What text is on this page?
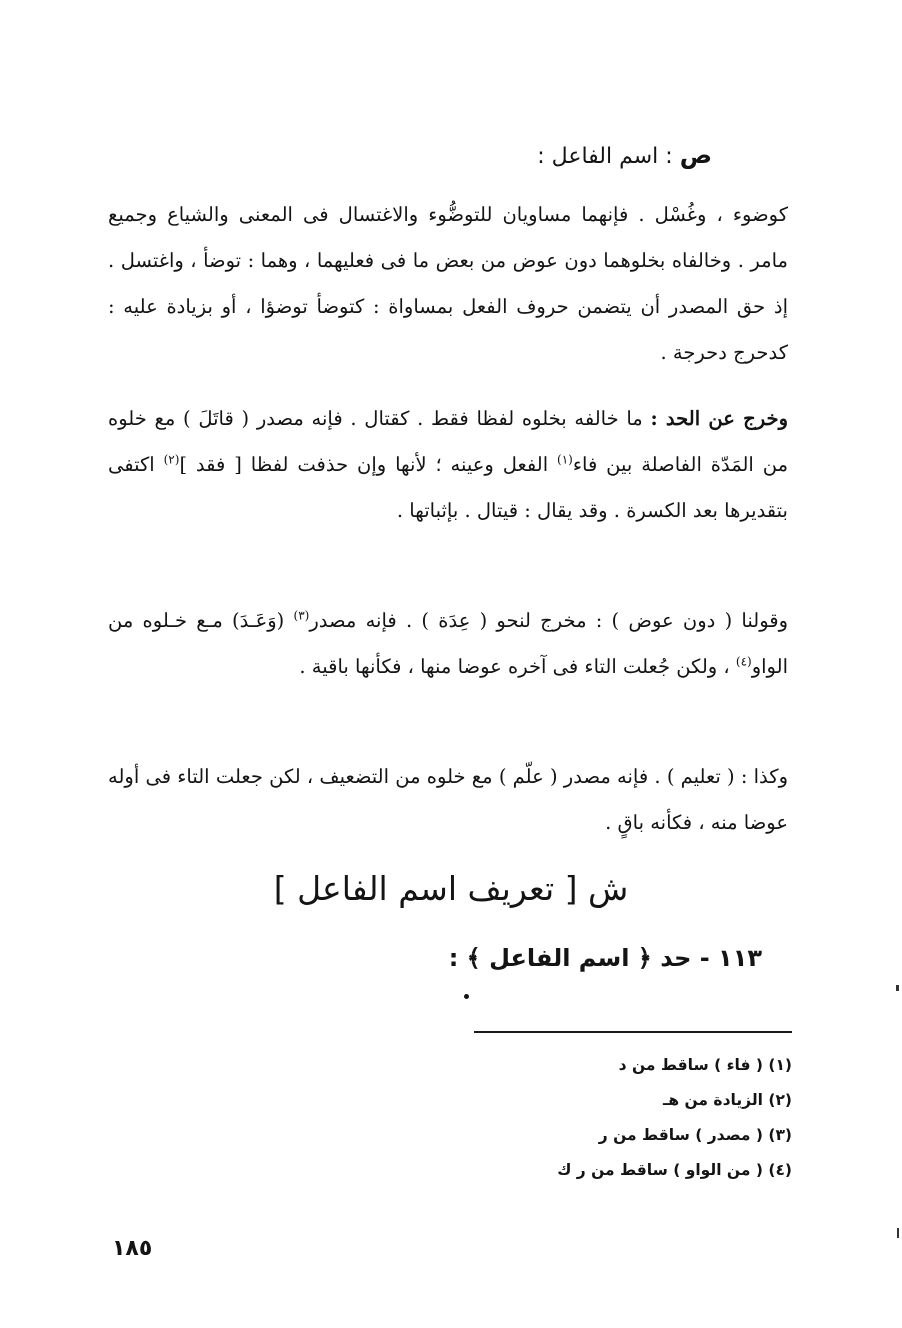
ص : اسم الفاعل :
كوضوء ، وغُسْل . فإنهما مساويان للتوضُّوء والاغتسال فى المعنى والشياع وجميع مامر . وخالفاه بخلوهما دون عوض من بعض ما فى فعليهما ، وهما : توضأ ، واغتسل . إذ حق المصدر أن يتضمن حروف الفعل بمساواة : كتوضأ توضؤا ، أو بزيادة عليه : كدحرج دحرجة .
وخرج عن الحد : ما خالفه بخلوه لفظا فقط . كقتال . فإنه مصدر ( قاتَلَ ) مع خلوه من المَدّة الفاصلة بين فاء$^{(١)}$ الفعل وعينه ؛ لأنها وإن حذفت لفظا [ فقد ]$^{(٢)}$ اكتفى بتقديرها بعد الكسرة . وقد يقال : قيتال . بإثباتها .
وقولنا ( دون عوض ) : مخرج لنحو ( عِدَة ) . فإنه مصدر$^{(٣)}$ (وَعَـدَ) مـع خـلوه من الواو$^{(٤)}$ ، ولكن جُعلت التاء فى آخره عوضا منها ، فكأنها باقية .
وكذا : ( تعليم ) . فإنه مصدر ( علّم ) مع خلوه من التضعيف ، لكن جعلت التاء فى أوله عوضا منه ، فكأنه باقٍ .
ش [ تعريف اسم الفاعل ]
١١٣ - حد ﴿ اسم الفاعل ﴾ :
(١) ( فاء ) ساقط من د
(٢) الزيادة من هـ
(٣) ( مصدر ) ساقط من ر
(٤) ( من الواو ) ساقط من ر ك
١٨٥
